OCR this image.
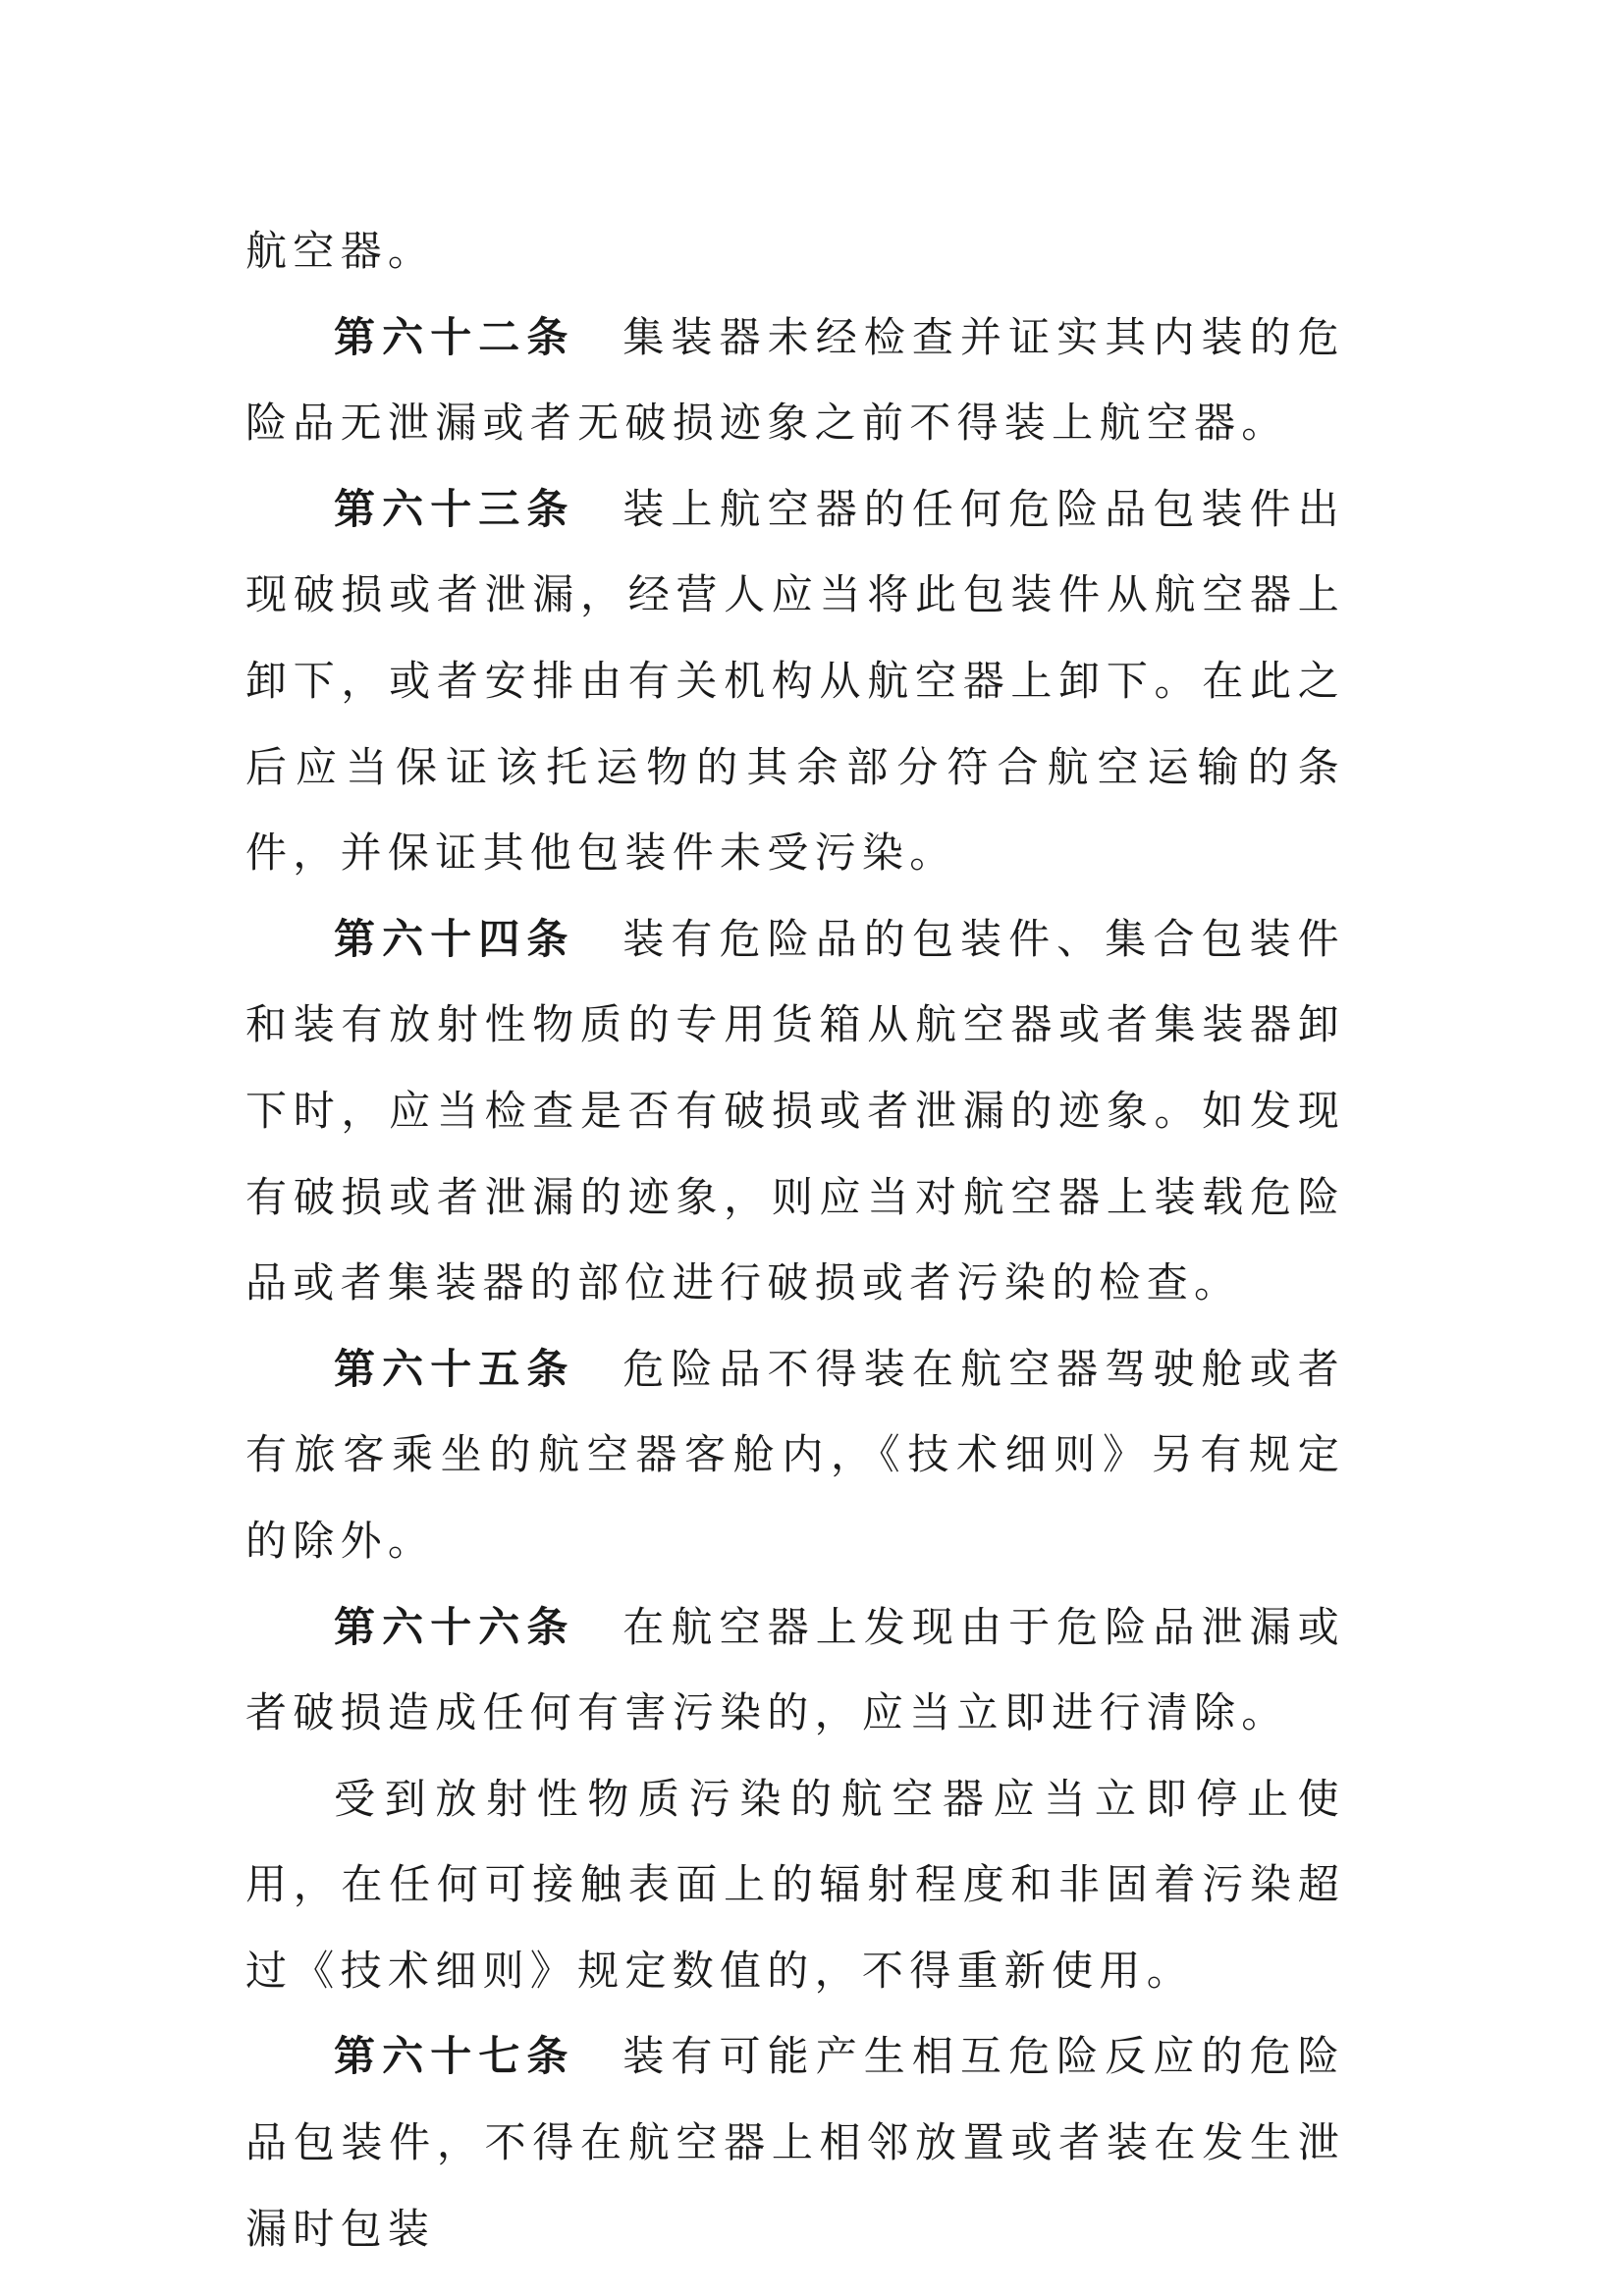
航空器。

第六十二条 集装器未经检查并证实其内装的危险品无泄漏或者无破损迹象之前不得装上航空器。

第六十三条 装上航空器的任何危险品包装件出现破损或者泄漏，经营人应当将此包装件从航空器上卸下，或者安排由有关机构从航空器上卸下。在此之后应当保证该托运物的其余部分符合航空运输的条件，并保证其他包装件未受污染。

第六十四条 装有危险品的包装件、集合包装件和装有放射性物质的专用货箱从航空器或者集装器卸下时，应当检查是否有破损或者泄漏的迹象。如发现有破损或者泄漏的迹象，则应当对航空器上装载危险品或者集装器的部位进行破损或者污染的检查。

第六十五条 危险品不得装在航空器驾驶舱或者有旅客乘坐的航空器客舱内，《技术细则》另有规定的除外。

第六十六条 在航空器上发现由于危险品泄漏或者破损造成任何有害污染的，应当立即进行清除。

受到放射性物质污染的航空器应当立即停止使用，在任何可接触表面上的辐射程度和非固着污染超过《技术细则》规定数值的，不得重新使用。

第六十七条 装有可能产生相互危险反应的危险品包装件，不得在航空器上相邻放置或者装在发生泄漏时包装
